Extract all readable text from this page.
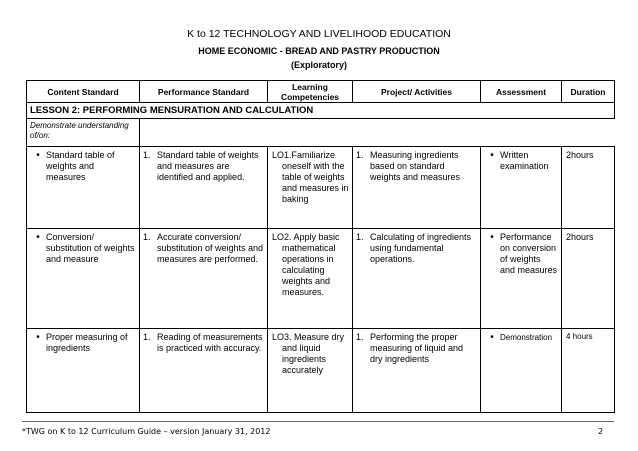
K to 12 TECHNOLOGY AND LIVELIHOOD EDUCATION
HOME ECONOMIC - BREAD AND PASTRY PRODUCTION
(Exploratory)
Content Standard	Performance Standard	Learning Competencies	Project/ Activities	Assessment	Duration
LESSON 2: PERFORMING MENSURATION AND CALCULATION					
Demonstrate understanding of/on:					

• Standard table of weights and measures	1. Standard table of weights and measures are identified and applied.	LO1.Familiarize oneself with the table of weights and measures in baking	1. Measuring ingredients based on standard weights and measures	• Written examination	2hours

• Conversion/ substitution of weights and measure	1. Accurate conversion/ substitution of weights and measures are performed.	LO2. Apply basic mathematical operations in calculating weights and measures.	1. Calculating of ingredients using fundamental operations.	• Performance on conversion of weights and measures	2hours

• Proper measuring of ingredients	1. Reading of measurements is practiced with accuracy.	LO3. Measure dry and liquid ingredients accurately	1. Performing the proper measuring of liquid and dry ingredients	• Demonstration	4 hours
*TWG on K to 12 Curriculum Guide – version January 31, 2012	2
